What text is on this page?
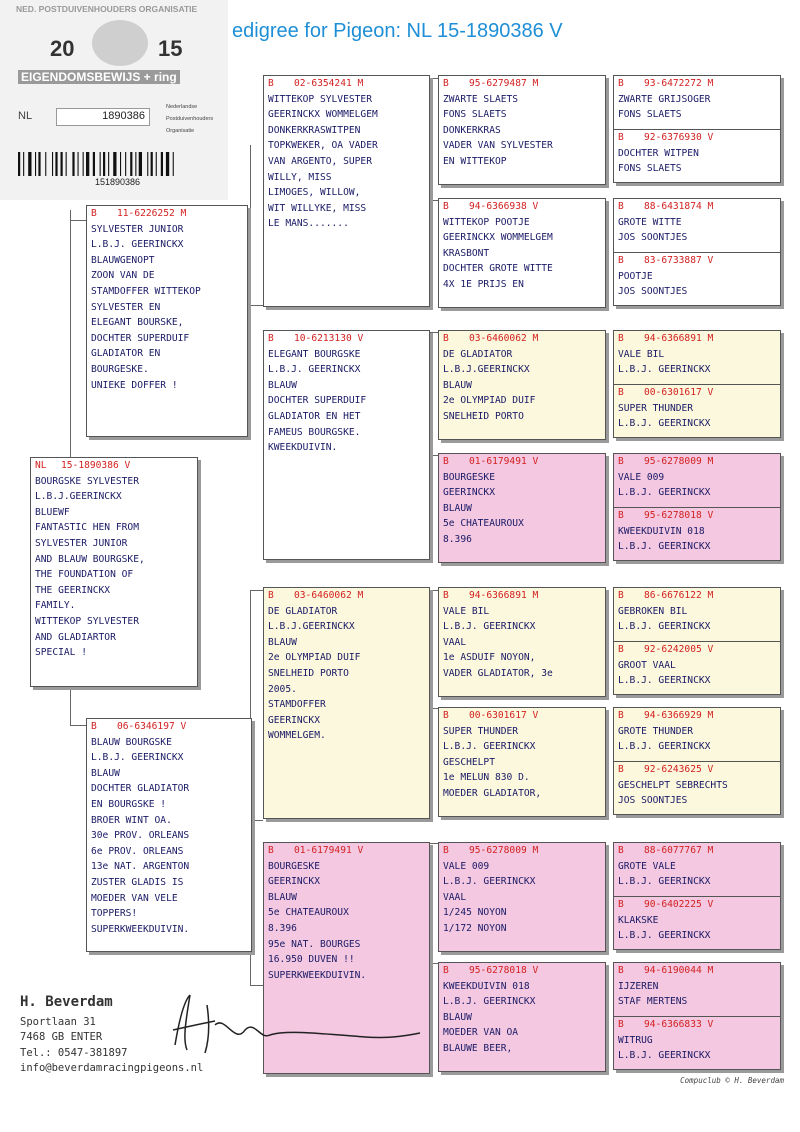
edigree for Pigeon: NL 15-1890386 V
NED. POSTDUIVENHOUDERS ORGANISATIE
20	15
EIGENDOMSBEWIJS + ring
NL	1890386
Nederlandse
Postduivenhouders
Organisatie
151890386
NL	15-1890386 V
BOURGSKE SYLVESTER
L.B.J.GEERINCKX
BLUEWF
FANTASTIC HEN FROM
SYLVESTER JUNIOR
AND BLAUW BOURGSKE,
THE FOUNDATION OF
THE GEERINCKX
FAMILY.
WITTEKOP SYLVESTER
AND GLADIARTOR
SPECIAL !
B	11-6226252 M
SYLVESTER JUNIOR
L.B.J. GEERINCKX
BLAUWGENOPT
ZOON VAN DE
STAMDOFFER WITTEKOP
SYLVESTER EN
ELEGANT BOURSKE,
DOCHTER SUPERDUIF
GLADIATOR EN
BOURGESKE.
UNIEKE DOFFER !
B	06-6346197 V
BLAUW BOURGSKE
L.B.J. GEERINCKX
BLAUW
DOCHTER GLADIATOR
EN BOURGSKE !
BROER WINT OA.
30e PROV. ORLEANS
6e PROV. ORLEANS
13e NAT. ARGENTON
ZUSTER GLADIS IS
MOEDER VAN VELE
TOPPERS!
SUPERKWEEKDUIVIN.
B	02-6354241 M
WITTEKOP SYLVESTER
GEERINCKX WOMMELGEM
DONKERKRASWITPEN
TOPKWEKER, OA VADER
VAN ARGENTO, SUPER
WILLY, MISS
LIMOGES, WILLOW,
WIT WILLYKE, MISS
LE MANS.......
B	10-6213130 V
ELEGANT BOURGSKE
L.B.J. GEERINCKX
BLAUW
DOCHTER SUPERDUIF
GLADIATOR EN HET
FAMEUS BOURGSKE.
KWEEKDUIVIN.
B	03-6460062 M
DE GLADIATOR
L.B.J.GEERINCKX
BLAUW
2e OLYMPIAD DUIF
SNELHEID PORTO
2005.
STAMDOFFER
GEERINCKX
WOMMELGEM.
B	01-6179491 V
BOURGESKE
GEERINCKX
BLAUW
5e CHATEAUROUX
8.396
95e NAT. BOURGES
16.950 DUVEN !!
SUPERKWEEKDUIVIN.
B	95-6279487 M
ZWARTE SLAETS
FONS SLAETS
DONKERKRAS
VADER VAN SYLVESTER
EN WITTEKOP
B	94-6366938 V
WITTEKOP POOTJE
GEERINCKX WOMMELGEM
KRASBONT
DOCHTER GROTE WITTE
4X 1E PRIJS EN
B	03-6460062 M
DE GLADIATOR
L.B.J.GEERINCKX
BLAUW
2e OLYMPIAD DUIF
SNELHEID PORTO
B	01-6179491 V
BOURGESKE
GEERINCKX
BLAUW
5e CHATEAUROUX
8.396
B	94-6366891 M
VALE BIL
L.B.J. GEERINCKX
VAAL
1e ASDUIF NOYON,
VADER GLADIATOR, 3e
B	00-6301617 V
SUPER THUNDER
L.B.J. GEERINCKX
GESCHELPT
1e MELUN 830 D.
MOEDER GLADIATOR,
B	95-6278009 M
VALE 009
L.B.J. GEERINCKX
VAAL
1/245 NOYON
1/172 NOYON
B	95-6278018 V
KWEEKDUIVIN 018
L.B.J. GEERINCKX
BLAUW
MOEDER VAN OA
BLAUWE BEER,
B	93-6472272 M
ZWARTE GRIJSOGER
FONS SLAETS
B	92-6376930 V
DOCHTER WITPEN
FONS SLAETS
B	88-6431874 M
GROTE WITTE
JOS SOONTJES
B	83-6733887 V
POOTJE
JOS SOONTJES
B	94-6366891 M
VALE BIL
L.B.J. GEERINCKX
B	00-6301617 V
SUPER THUNDER
L.B.J. GEERINCKX
B	95-6278009 M
VALE 009
L.B.J. GEERINCKX
B	95-6278018 V
KWEEKDUIVIN 018
L.B.J. GEERINCKX
B	86-6676122 M
GEBROKEN BIL
L.B.J. GEERINCKX
B	92-6242005 V
GROOT VAAL
L.B.J. GEERINCKX
B	94-6366929 M
GROTE THUNDER
L.B.J. GEERINCKX
B	92-6243625 V
GESCHELPT SEBRECHTS
JOS SOONTJES
B	88-6077767 M
GROTE VALE
L.B.J. GEERINCKX
B	90-6402225 V
KLAKSKE
L.B.J. GEERINCKX
B	94-6190044 M
IJZEREN
STAF MERTENS
B	94-6366833 V
WITRUG
L.B.J. GEERINCKX
H. Beverdam
Sportlaan 31
7468 GB ENTER
Tel.: 0547-381897
info@beverdamracingpigeons.nl
Compuclub © H. Beverdam
